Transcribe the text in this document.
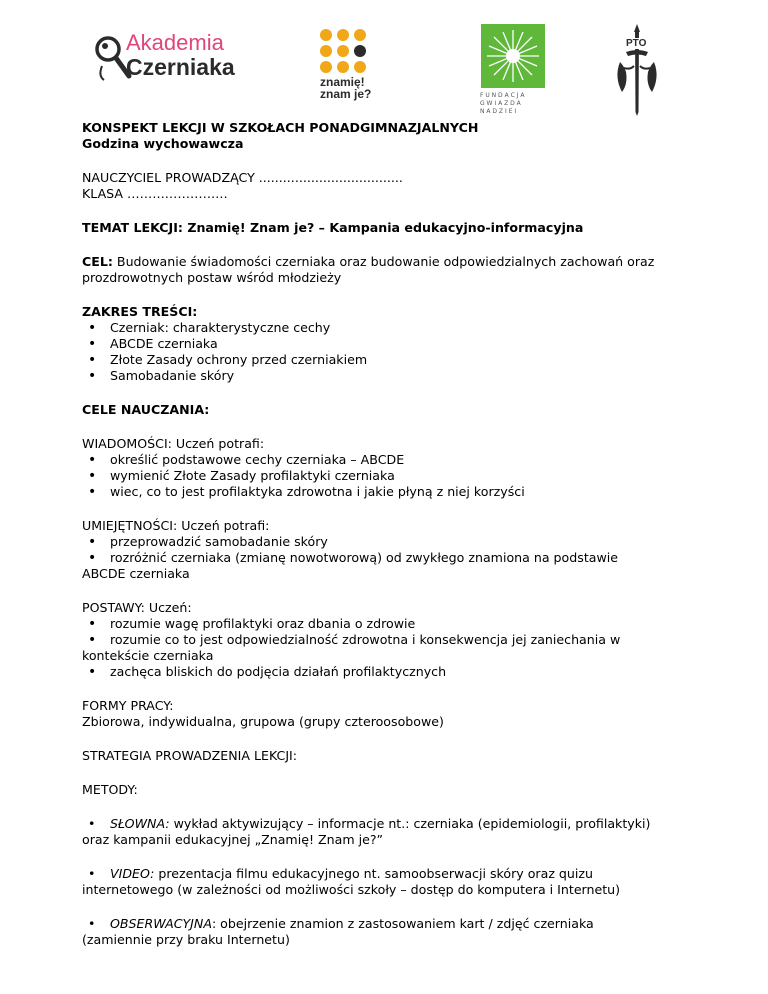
Akademia
Czerniaka
znamię!
znam je?	F U N D A C J A
G W I A Z D A
N A D Z I E I
PTO

KONSPEKT LEKCJI W SZKOŁACH PONADGIMNAZJALNYCH

Godzina wychowawcza

NAUCZYCIEL PROWADZĄCY ....................................

KLASA ……………………

TEMAT LEKCJI: Znamię! Znam je? – Kampania edukacyjno-informacyjna

CEL: Budowanie świadomości czerniaka oraz budowanie odpowiedzialnych zachowań oraz prozdrowotnych postaw wśród młodzieży

ZAKRES TREŚCI:

• Czerniak: charakterystyczne cechy
• ABCDE czerniaka
• Złote Zasady ochrony przed czerniakiem
• Samobadanie skóry

CELE NAUCZANIA:

WIADOMOŚCI: Uczeń potrafi:

• określić podstawowe cechy czerniaka – ABCDE
• wymienić Złote Zasady profilaktyki czerniaka
• wiec, co to jest profilaktyka zdrowotna i jakie płyną z niej korzyści

UMIEJĘTNOŚCI: Uczeń potrafi:

• przeprowadzić samobadanie skóry
• rozróżnić czerniaka (zmianę nowotworową) od zwykłego znamiona na podstawie

ABCDE czerniaka

POSTAWY: Uczeń:

• rozumie wagę profilaktyki oraz dbania o zdrowie
• rozumie co to jest odpowiedzialność zdrowotna i konsekwencja jej zaniechania w

kontekście czerniaka

• zachęca bliskich do podjęcia działań profilaktycznych

FORMY PRACY:

Zbiorowa, indywidualna, grupowa (grupy czteroosobowe)

STRATEGIA PROWADZENIA LEKCJI:

METODY:

• SŁOWNA: wykład aktywizujący – informacje nt.: czerniaka (epidemiologii, profilaktyki)

oraz kampanii edukacyjnej „Znamię! Znam je?”

• VIDEO: prezentacja filmu edukacyjnego nt. samoobserwacji skóry oraz quizu

internetowego (w zależności od możliwości szkoły – dostęp do komputera i Internetu)

• OBSERWACYJNA: obejrzenie znamion z zastosowaniem kart / zdjęć czerniaka

(zamiennie przy braku Internetu)
